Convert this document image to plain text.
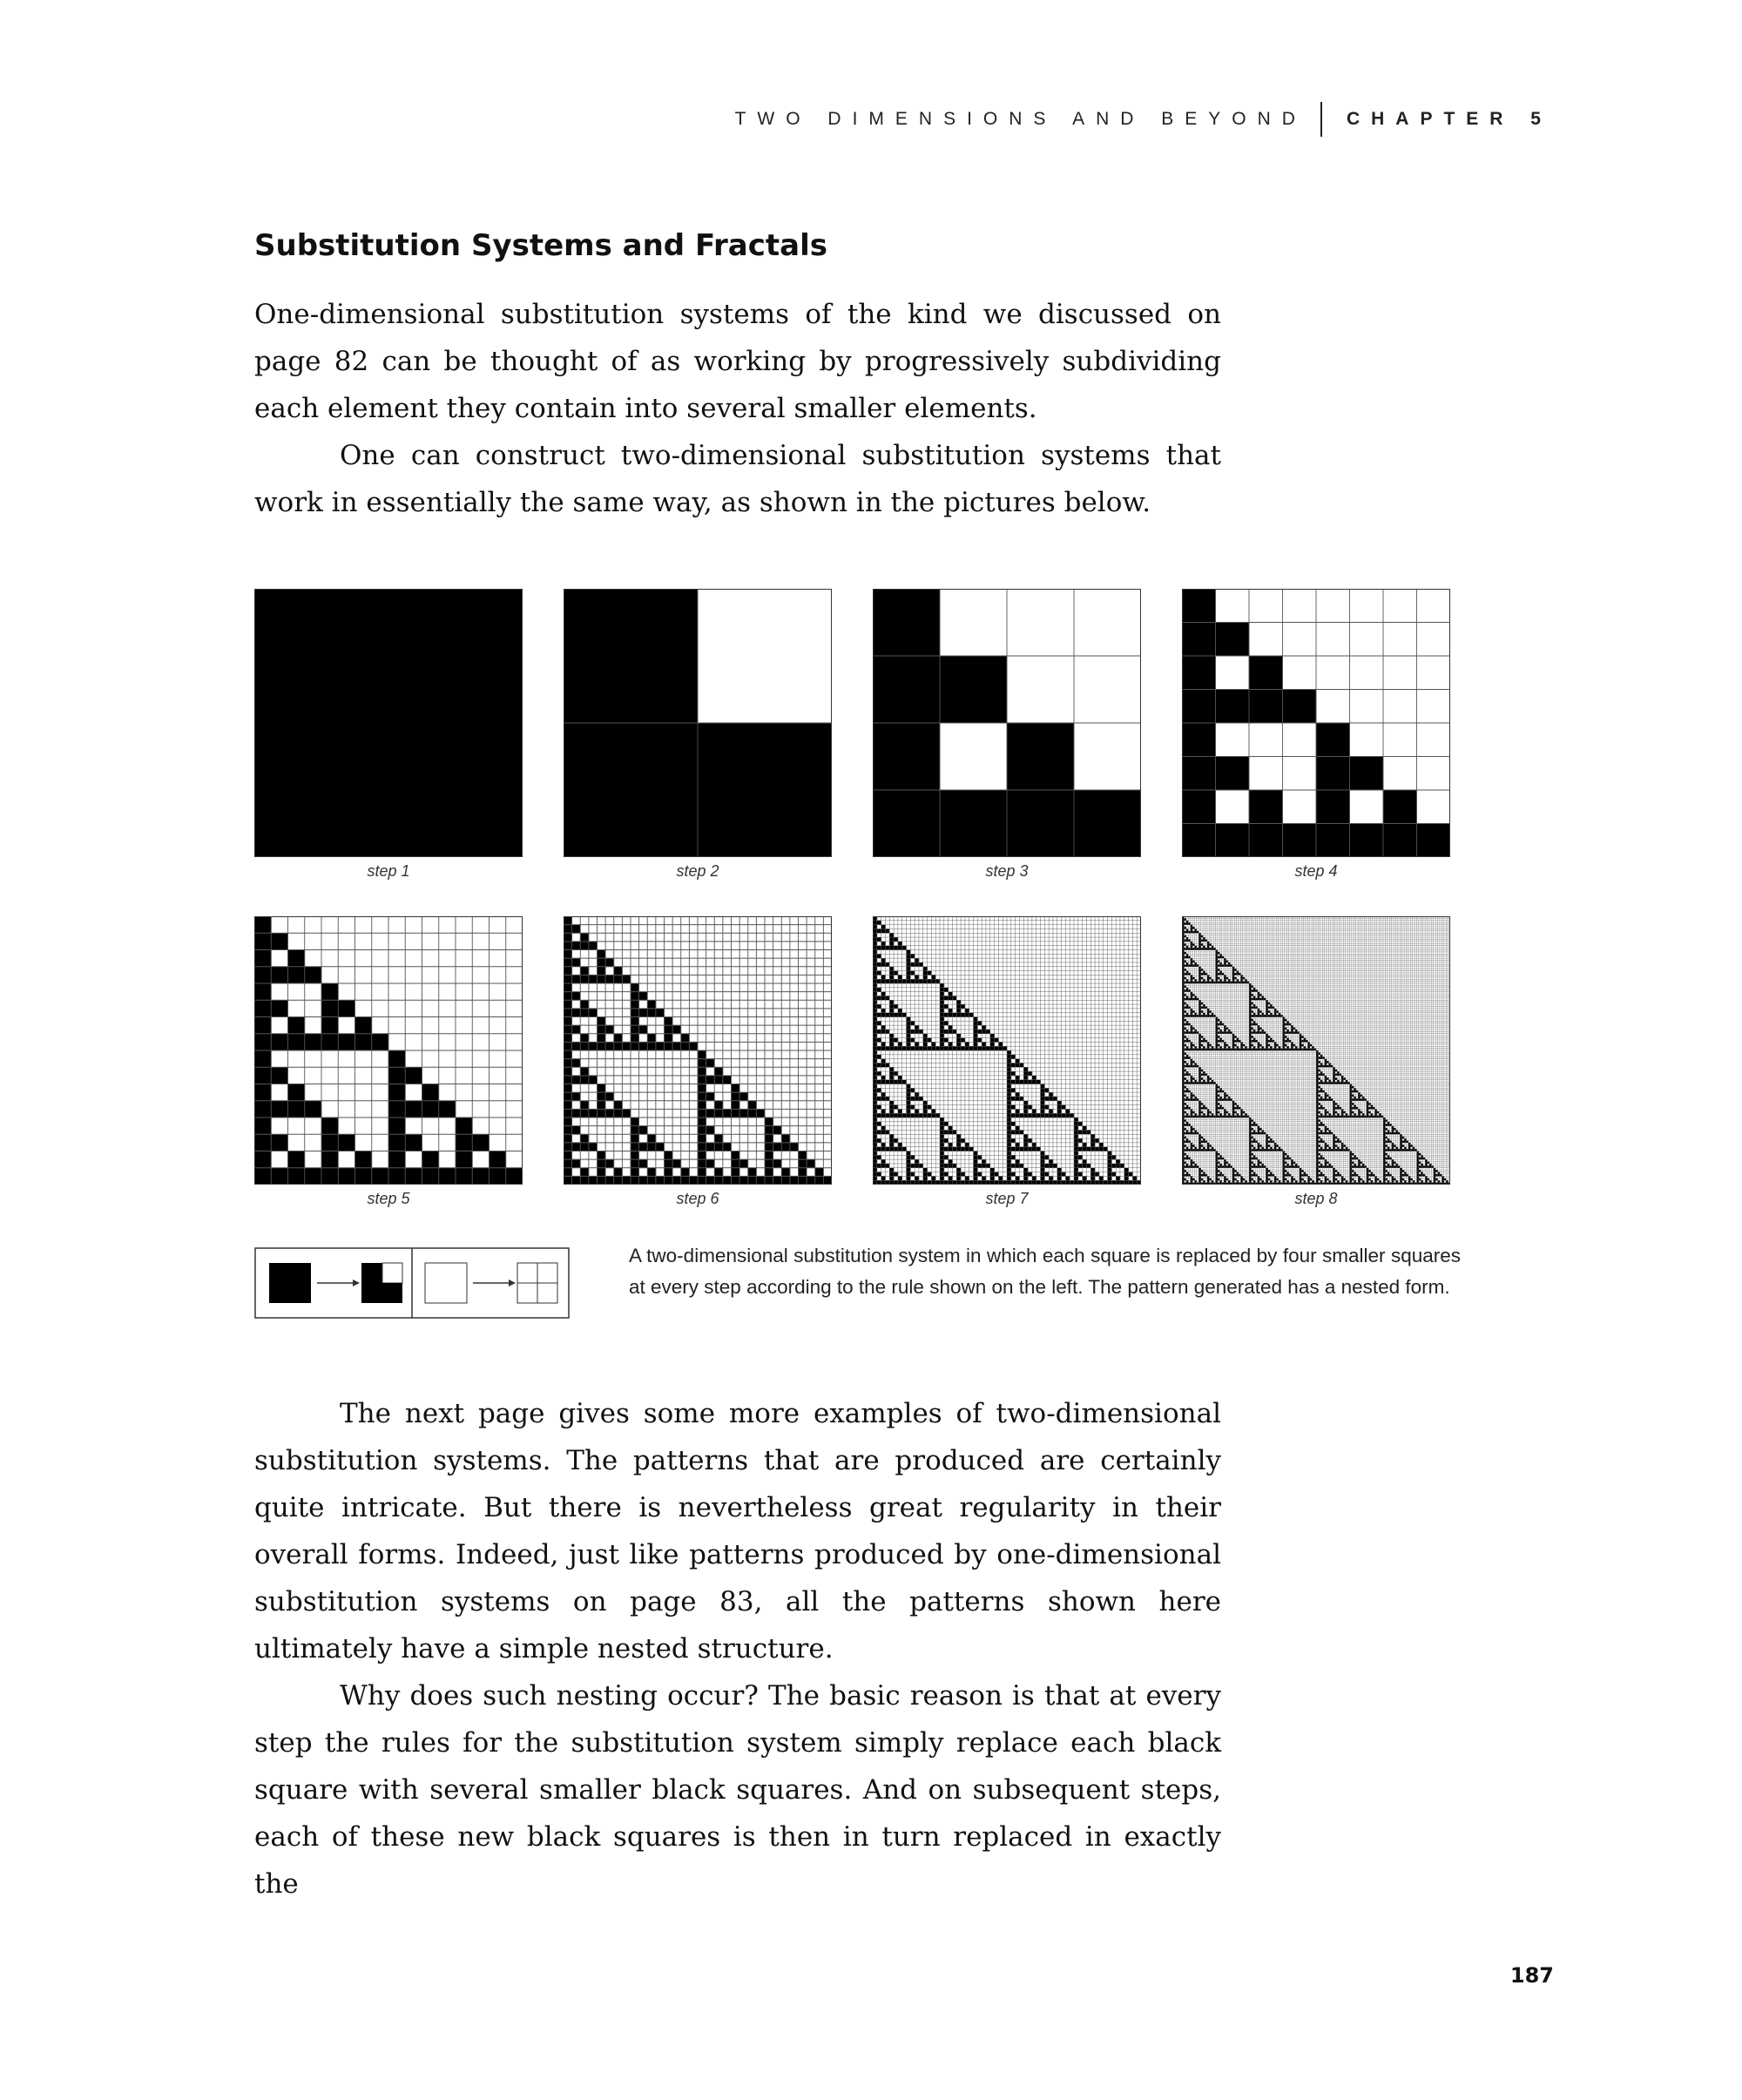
TWO DIMENSIONS AND BEYOND CHAPTER 5
Substitution Systems and Fractals
One-dimensional substitution systems of the kind we discussed on page 82 can be thought of as working by progressively subdividing each element they contain into several smaller elements.
One can construct two-dimensional substitution systems that work in essentially the same way, as shown in the pictures below.
step 1	step 2	step 3	step 4
step 5	step 6	step 7	step 8

A two-dimensional substitution system in which each square is replaced by four smaller squares at every step according to the rule shown on the left. The pattern generated has a nested form.

The next page gives some more examples of two-dimensional substitution systems. The patterns that are produced are certainly quite intricate. But there is nevertheless great regularity in their overall forms. Indeed, just like patterns produced by one-dimensional substitution systems on page 83, all the patterns shown here ultimately have a simple nested structure.
Why does such nesting occur? The basic reason is that at every step the rules for the substitution system simply replace each black square with several smaller black squares. And on subsequent steps, each of these new black squares is then in turn replaced in exactly the
187
